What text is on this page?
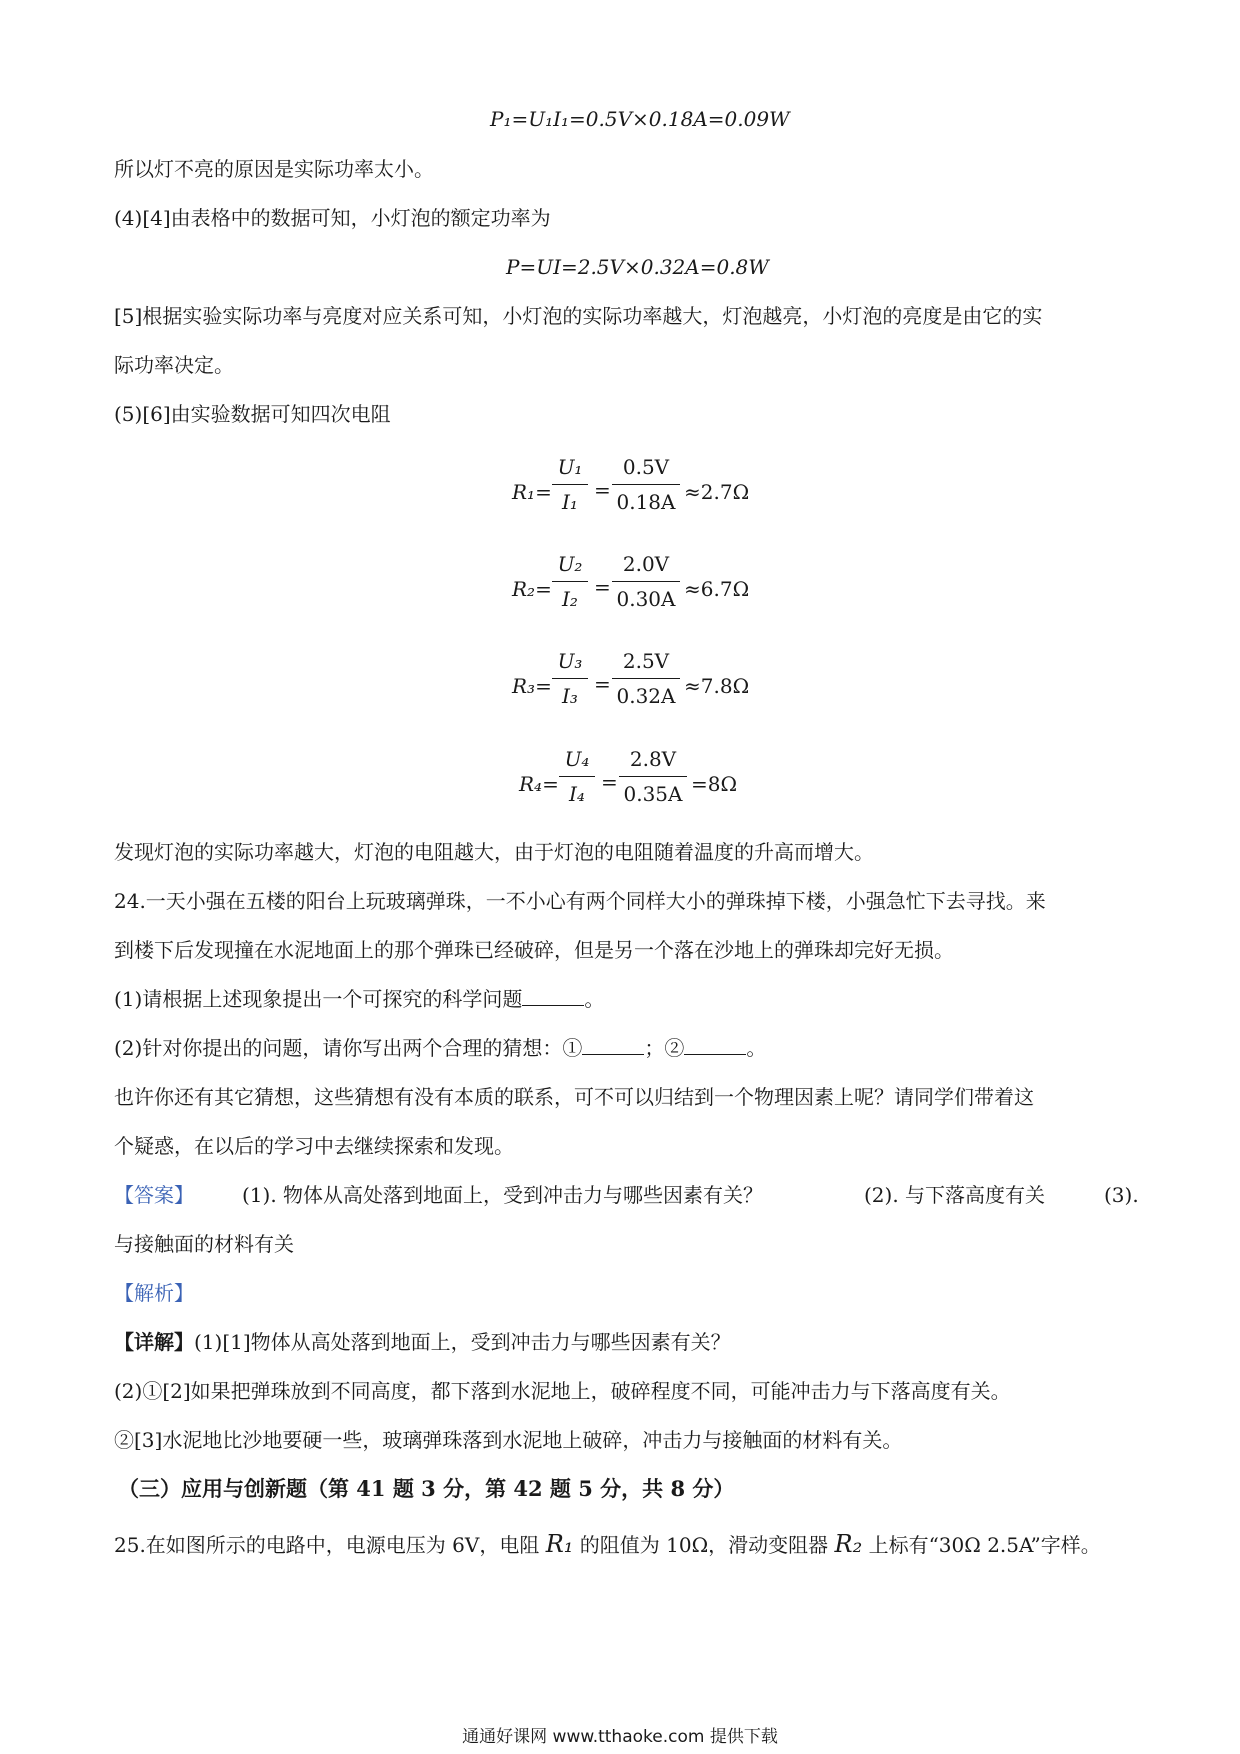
P₁=U₁I₁=0.5V×0.18A=0.09W
所以灯不亮的原因是实际功率太小。
(4)[4]由表格中的数据可知，小灯泡的额定功率为
P=UI=2.5V×0.32A=0.8W
[5]根据实验实际功率与亮度对应关系可知，小灯泡的实际功率越大，灯泡越亮，小灯泡的亮度是由它的实
际功率决定。
(5)[6]由实验数据可知四次电阻
R₁=
U₁
I₁ =
0.5V
0.18A ≈2.7Ω
R₂=
U₂
I₂ =
2.0V
0.30A ≈6.7Ω
R₃=
U₃
I₃ =
2.5V
0.32A ≈7.8Ω
R₄=
U₄
I₄ =
2.8V
0.35A =8Ω
发现灯泡的实际功率越大，灯泡的电阻越大，由于灯泡的电阻随着温度的升高而增大。
24.一天小强在五楼的阳台上玩玻璃弹珠，一不小心有两个同样大小的弹珠掉下楼，小强急忙下去寻找。来
到楼下后发现撞在水泥地面上的那个弹珠已经破碎，但是另一个落在沙地上的弹珠却完好无损。
(1)请根据上述现象提出一个可探究的科学问题	。
(2)针对你提出的问题，请你写出两个合理的猜想：①	；②	。
也许你还有其它猜想，这些猜想有没有本质的联系，可不可以归结到一个物理因素上呢？请同学们带着这
个疑惑，在以后的学习中去继续探索和发现。
【答案】 (1). 物体从高处落到地面上，受到冲击力与哪些因素有关？	(2). 与下落高度有关	(3).
与接触面的材料有关
【解析】
【详解】(1)[1]物体从高处落到地面上，受到冲击力与哪些因素有关？
(2)①[2]如果把弹珠放到不同高度，都下落到水泥地上，破碎程度不同，可能冲击力与下落高度有关。
②[3]水泥地比沙地要硬一些，玻璃弹珠落到水泥地上破碎，冲击力与接触面的材料有关。
（三）应用与创新题（第 41 题 3 分，第 42 题 5 分，共 8 分）
25.在如图所示的电路中，电源电压为 6V，电阻 R₁ 的阻值为 10Ω，滑动变阻器 R₂ 上标有“30Ω 2.5A”字样。
通通好课网 www.tthaoke.com 提供下载
